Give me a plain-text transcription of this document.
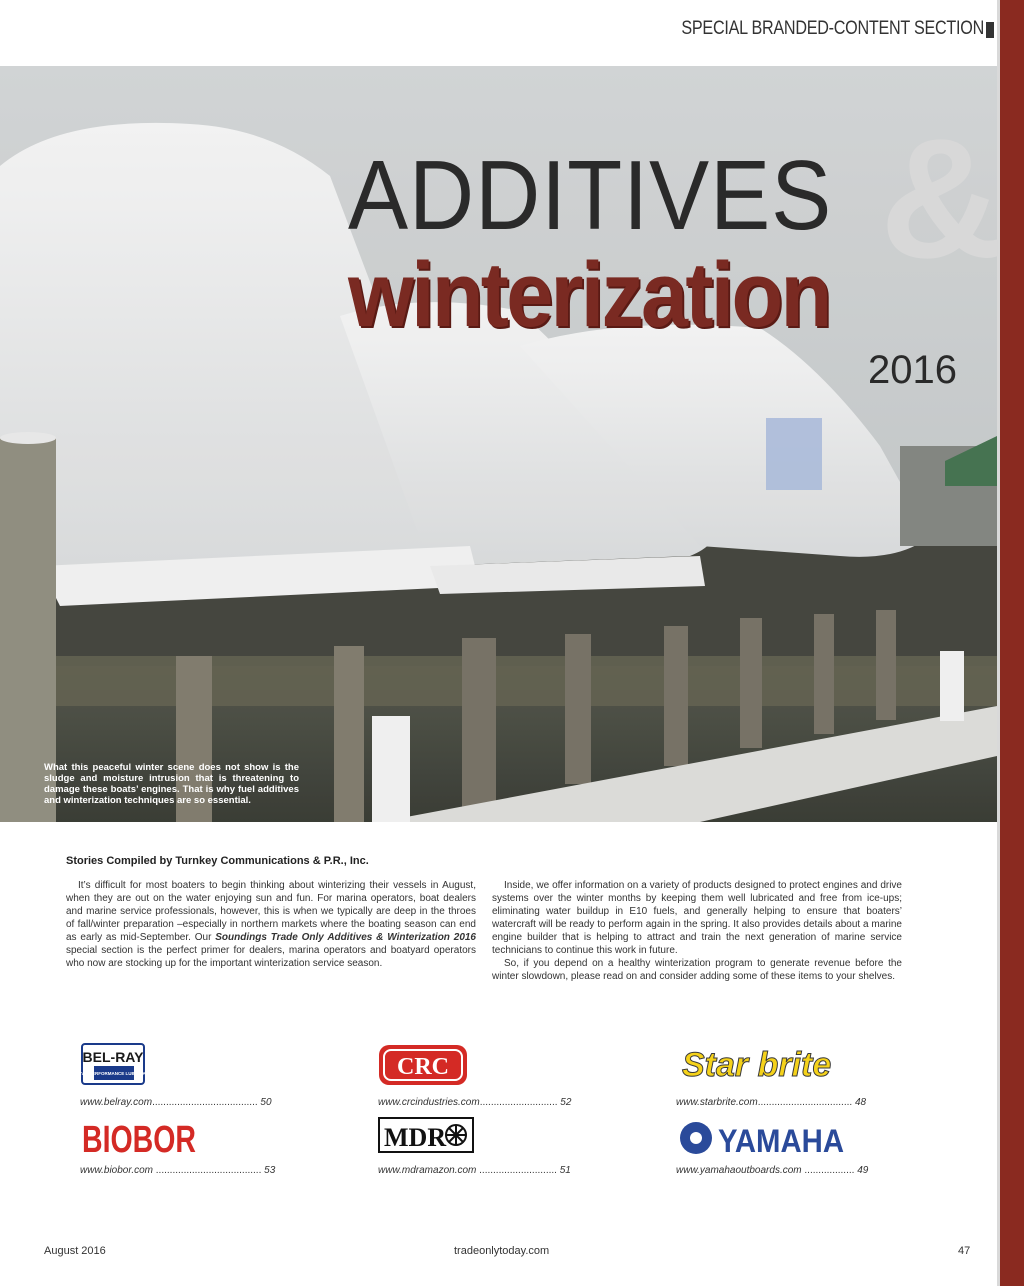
SPECIAL BRANDED-CONTENT SECTION
&
ADDITIVES
winterization
2016
What this peaceful winter scene does not show is the sludge and moisture intrusion that is threatening to damage these boats’ engines. That is why fuel additives and winterization techniques are so essential.
Stories Compiled by Turnkey Communications & P.R., Inc.

It’s difficult for most boaters to begin thinking about winterizing their vessels in August, when they are out on the water enjoying sun and fun. For marina operators, boat dealers and marine service professionals, however, this is when we typically are deep in the throes of fall/winter preparation –especially in northern markets where the boating season can end as early as mid-September. Our Soundings Trade Only Additives & Winterization 2016 special section is the perfect primer for dealers, marina operators and boatyard operators who now are stocking up for the important winterization service season.

Inside, we offer information on a variety of products designed to protect engines and drive systems over the winter months by keeping them well lubricated and free from ice-ups; eliminating water buildup in E10 fuels, and generally helping to ensure that boaters’ watercraft will be ready to perform again in the spring. It also provides details about a marine engine builder that is helping to attract and train the next generation of marine service technicians to continue this work in future.

So, if you depend on a healthy winterization program to generate revenue before the winter slowdown, please read on and consider adding some of these items to your shelves.

BEL-RAY
TOTAL PERFORMANCE LUBRICANTS
www.belray.com...................................... 50
CRC
www.crcindustries.com............................ 52
Star brite
www.starbrite.com.................................. 48
BIOBOR
www.biobor.com ...................................... 53
MDR
www.mdramazon.com ............................ 51
YAMAHA
www.yamahaoutboards.com .................. 49
August 2016	tradeonlytoday.com	47
